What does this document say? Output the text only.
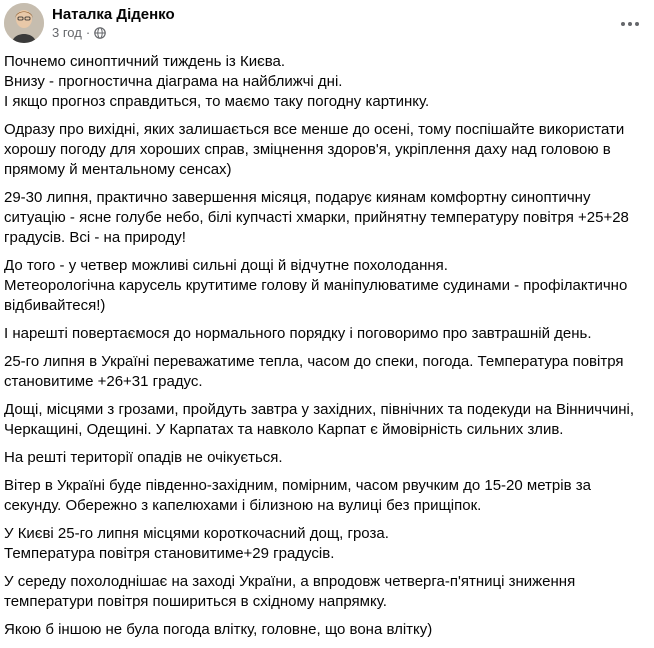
Наталка Діденко
3 год ·

Почнемо синоптичний тиждень із Києва.
Внизу - прогностична діаграма на найближчі дні.
І якщо прогноз справдиться, то маємо таку погодну картинку.

Одразу про вихідні, яких залишається все менше до осені, тому поспішайте використати хорошу погоду для хороших справ, зміцнення здоров'я, укріплення даху над головою в прямому й ментальному сенсах)

29-30 липня, практично завершення місяця, подарує киянам комфортну синоптичну ситуацію - ясне голубе небо, білі купчасті хмарки, прийнятну температуру повітря +25+28 градусів. Всі - на природу!

До того - у четвер можливі сильні дощі й відчутне похолодання.
Метеорологічна карусель крутитиме голову й маніпулюватиме судинами - профілактично відбивайтеся!)

І нарешті повертаємося до нормального порядку і поговоримо про завтрашній день.

25-го липня в Україні переважатиме тепла, часом до спеки, погода. Температура повітря становитиме +26+31 градус.

Дощі, місцями з грозами, пройдуть завтра у західних, північних та подекуди на Вінниччині, Черкащині, Одещині. У Карпатах та навколо Карпат є ймовірність сильних злив.

На решті території опадів не очікується.

Вітер в Україні буде південно-західним, помірним, часом рвучким до 15-20 метрів за секунду. Обережно з капелюхами і білизною на вулиці без прищіпок.

У Києві 25-го липня місцями короткочасний дощ, гроза.
Температура повітря становитиме+29 градусів.

У середу похолоднішає на заході України, а впродовж четверга-п'ятниці зниження температури повітря пошириться в східному напрямку.

Якою б іншою не була погода влітку, головне, що вона влітку)
